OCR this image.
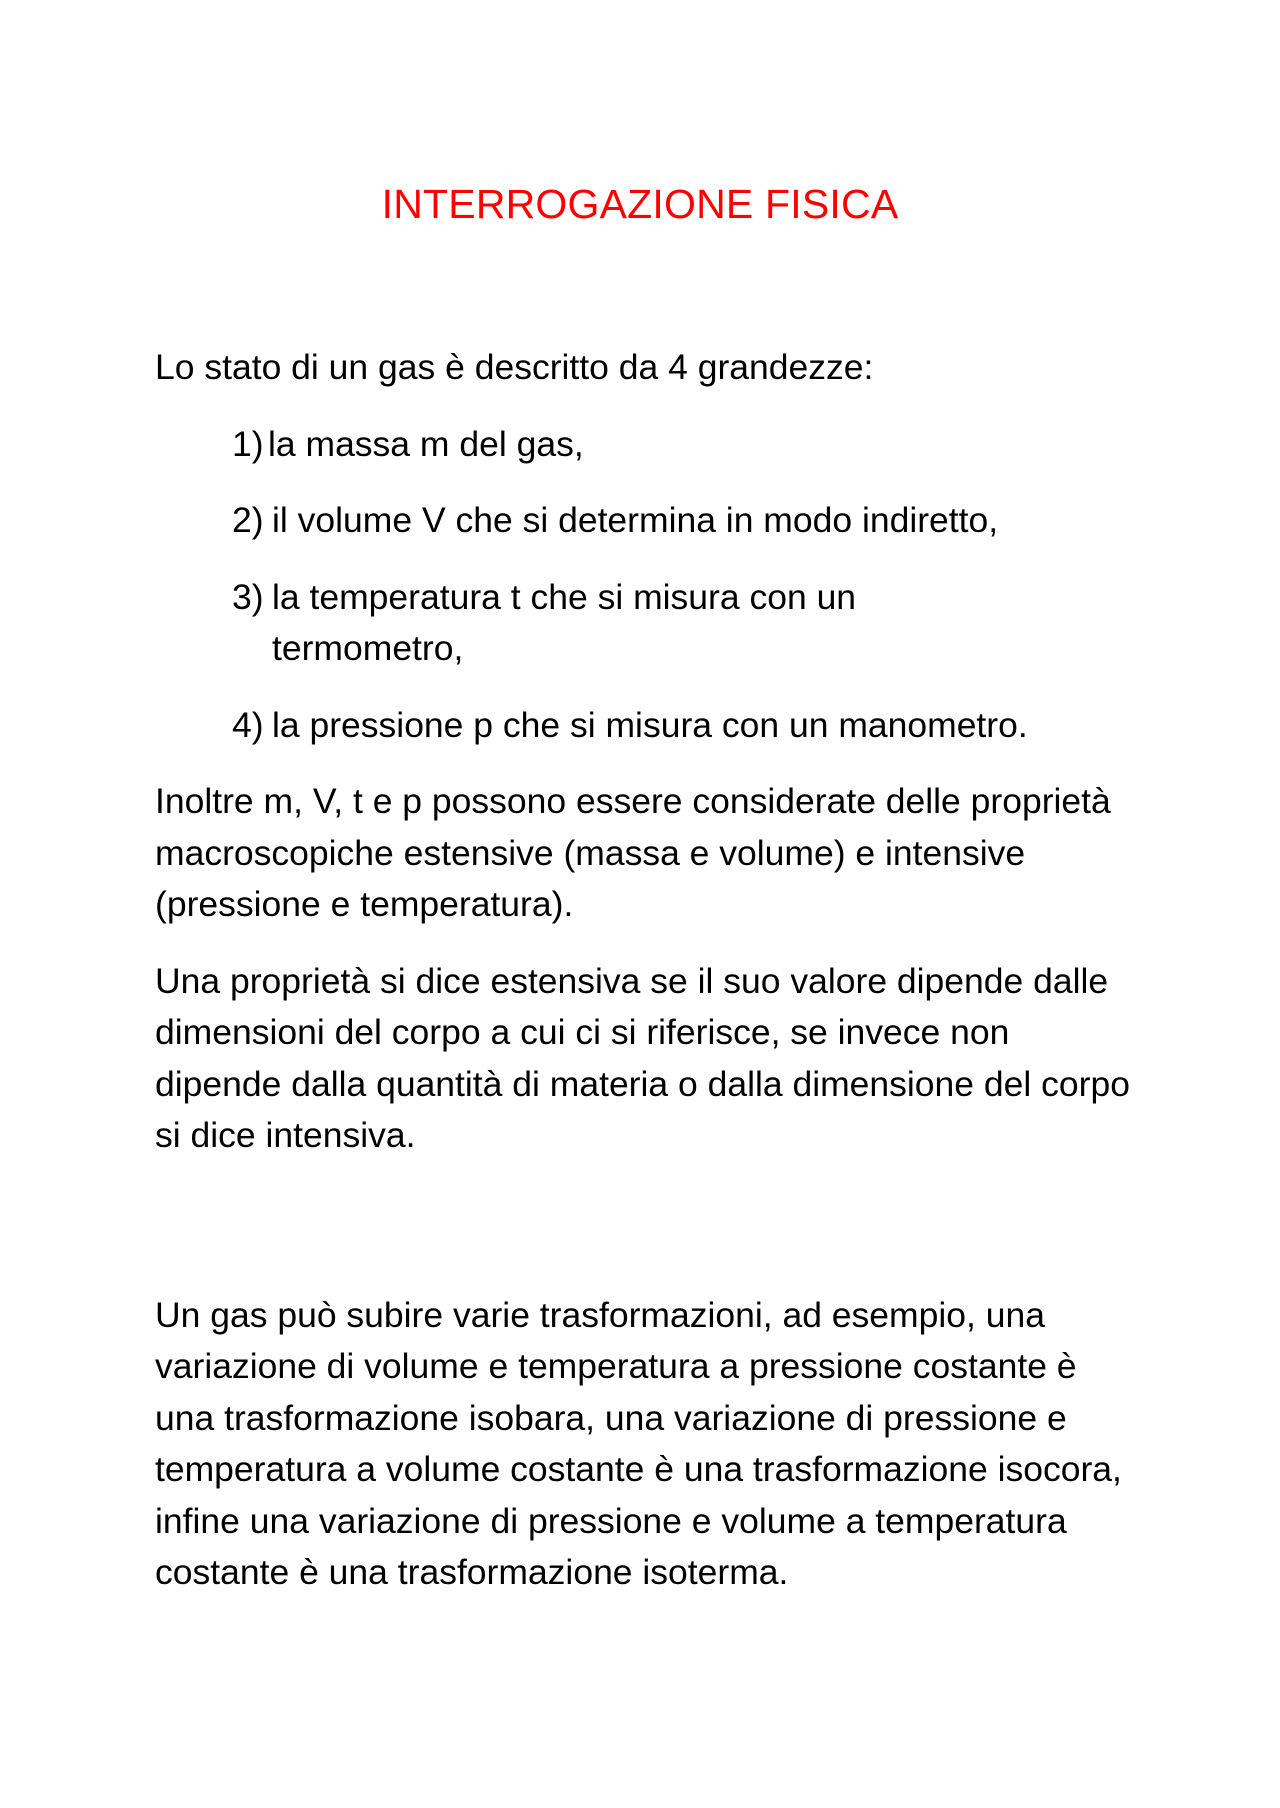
INTERROGAZIONE FISICA

Lo stato di un gas è descritto da 4 grandezze:

1) la massa m del gas,
2) il volume V che si determina in modo indiretto,
3) la temperatura t che si misura con un termometro,
4) la pressione p che si misura con un manometro.

Inoltre m, V, t e p possono essere considerate delle proprietà macroscopiche estensive (massa e volume) e intensive (pressione e temperatura).

Una proprietà si dice estensiva se il suo valore dipende dalle dimensioni del corpo a cui ci si riferisce, se invece non dipende dalla quantità di materia o dalla dimensione del corpo si dice intensiva.

Un gas può subire varie trasformazioni, ad esempio, una variazione di volume e temperatura a pressione costante è una trasformazione isobara, una variazione di pressione e temperatura a volume costante è una trasformazione isocora, infine una variazione di pressione e volume a temperatura costante è una trasformazione isoterma.
